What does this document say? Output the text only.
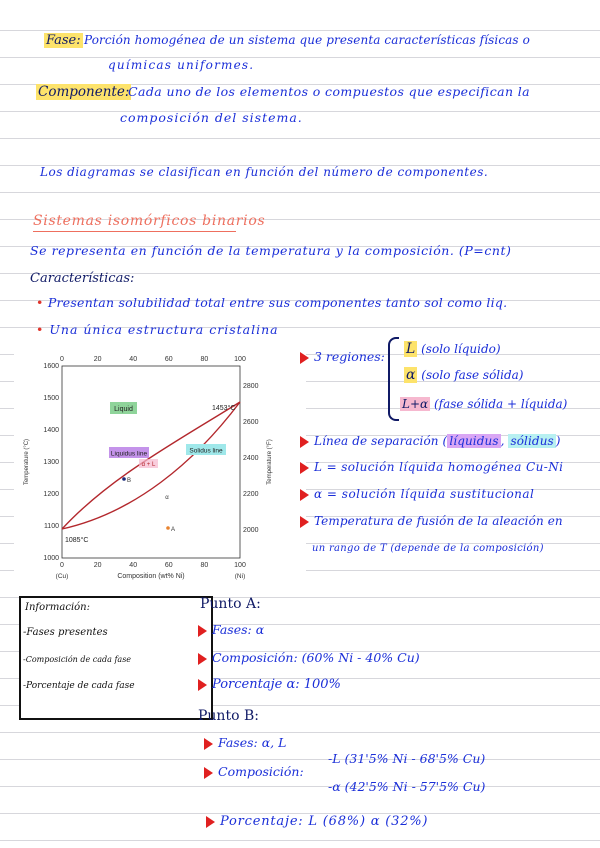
Fase: Porción homogénea de un sistema que presenta características físicas o
químicas uniformes.
Componente:
Cada uno de los elementos o compuestos que especifican la
composición del sistema.
Los diagramas se clasifican en función del número de componentes.
Sistemas isomórficos binarios
Se representa en función de la temperatura y la composición. (P=cnt)
Características:
• Presentan solubilidad total entre sus componentes tanto sol como liq.
• Una única estructura cristalina
0	20	40	60	80	100
0	20	40	60	80	100
1600
1500
1400
1300
1200
1100
1000
2800
2600
2400
2200
2000
Temperature (°C)	Temperature (°F)
Composition (wt% Ni)
(Cu)	(Ni)
Liquid
Liquidus line	Solidus line
α + L
α
1453°C
1085°C
B
A
3 regiones: L (solo líquido)
α (solo fase sólida)
L+α (fase sólida + líquida)
Línea de separación ( líquidus , sólidus )
L = solución líquida homogénea Cu-Ni
α = solución líquida sustitucional
Temperatura de fusión de la aleación en
un rango de T (depende de la composición)
Información:
-Fases presentes
-Composición de cada fase
-Porcentaje de cada fase
Punto A:
Fases: α
Composición: (60% Ni - 40% Cu)
Porcentaje α: 100%
Punto B:
Fases: α, L
Composición:
-L (31'5% Ni - 68'5% Cu)
-α (42'5% Ni - 57'5% Cu)
Porcentaje: L (68%) α (32%)
